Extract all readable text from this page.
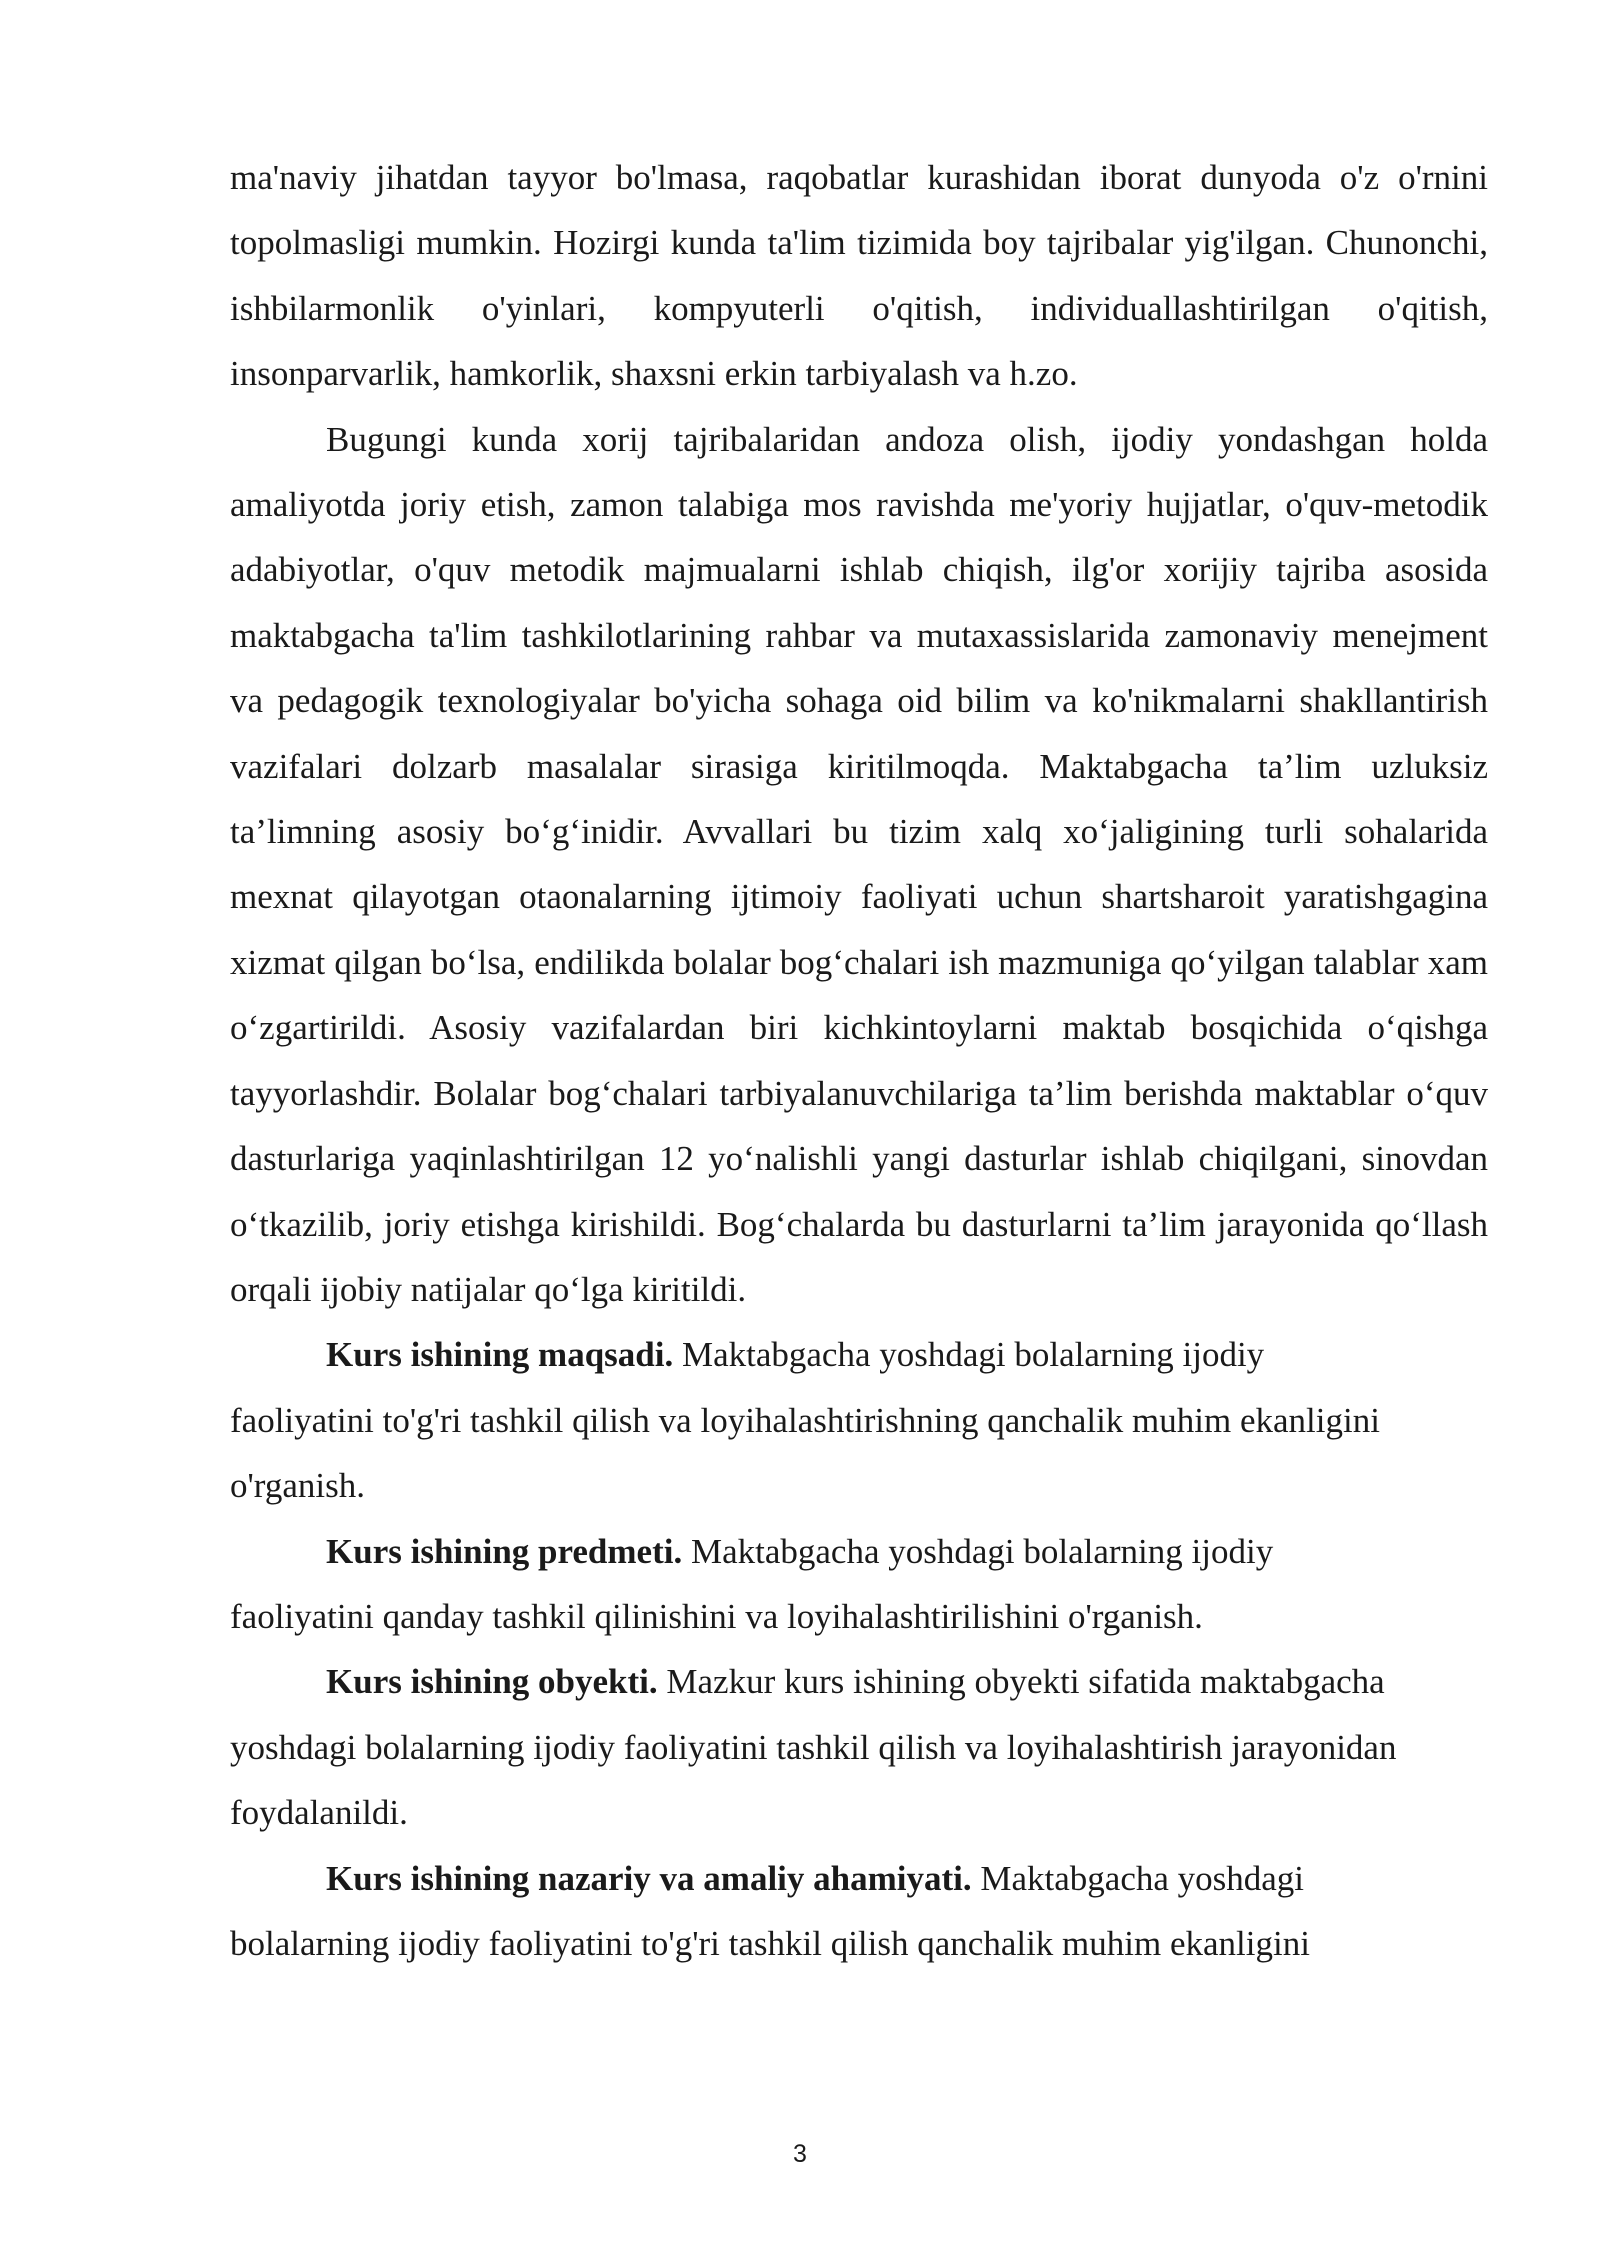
ma'naviy jihatdan tayyor bo'lmasa, raqobatlar kurashidan iborat dunyoda o'z o'rnini topolmasligi mumkin. Hozirgi kunda ta'lim tizimida boy tajribalar yig'ilgan. Chunonchi, ishbilarmonlik o'yinlari, kompyuterli o'qitish, individuallashtirilgan o'qitish, insonparvarlik, hamkorlik, shaxsni erkin tarbiyalash va h.zo.

Bugungi kunda xorij tajribalaridan andoza olish, ijodiy yondashgan holda amaliyotda joriy etish, zamon talabiga mos ravishda me'yoriy hujjatlar, o'quv-metodik adabiyotlar, o'quv metodik majmualarni ishlab chiqish, ilg'or xorijiy tajriba asosida maktabgacha ta'lim tashkilotlarining rahbar va mutaxassislarida zamonaviy menejment va pedagogik texnologiyalar bo'yicha sohaga oid bilim va ko'nikmalarni shakllantirish vazifalari dolzarb masalalar sirasiga kiritilmoqda. Maktabgacha ta’lim uzluksiz ta’limning asosiy bo‘g‘inidir. Avvallari bu tizim xalq xo‘jaligining turli sohalarida mexnat qilayotgan otaonalarning ijtimoiy faoliyati uchun shartsharoit yaratishgagina xizmat qilgan bo‘lsa, endilikda bolalar bog‘chalari ish mazmuniga qo‘yilgan talablar xam o‘zgartirildi. Asosiy vazifalardan biri kichkintoylarni maktab bosqichida o‘qishga tayyorlashdir. Bolalar bog‘chalari tarbiyalanuvchilariga ta’lim berishda maktablar o‘quv dasturlariga yaqinlashtirilgan 12 yo‘nalishli yangi dasturlar ishlab chiqilgani, sinovdan o‘tkazilib, joriy etishga kirishildi. Bog‘chalarda bu dasturlarni ta’lim jarayonida qo‘llash orqali ijobiy natijalar qo‘lga kiritildi.

Kurs ishining maqsadi. Maktabgacha yoshdagi bolalarning ijodiy

faoliyatini to'g'ri tashkil qilish va loyihalashtirishning qanchalik muhim ekanligini o'rganish.

Kurs ishining predmeti. Maktabgacha yoshdagi bolalarning ijodiy

faoliyatini qanday tashkil qilinishini va loyihalashtirilishini o'rganish.

Kurs ishining obyekti. Mazkur kurs ishining obyekti sifatida maktabgacha

yoshdagi bolalarning ijodiy faoliyatini tashkil qilish va loyihalashtirish jarayonidan foydalanildi.

Kurs ishining nazariy va amaliy ahamiyati. Maktabgacha yoshdagi

bolalarning ijodiy faoliyatini to'g'ri tashkil qilish qanchalik muhim ekanligini

3
